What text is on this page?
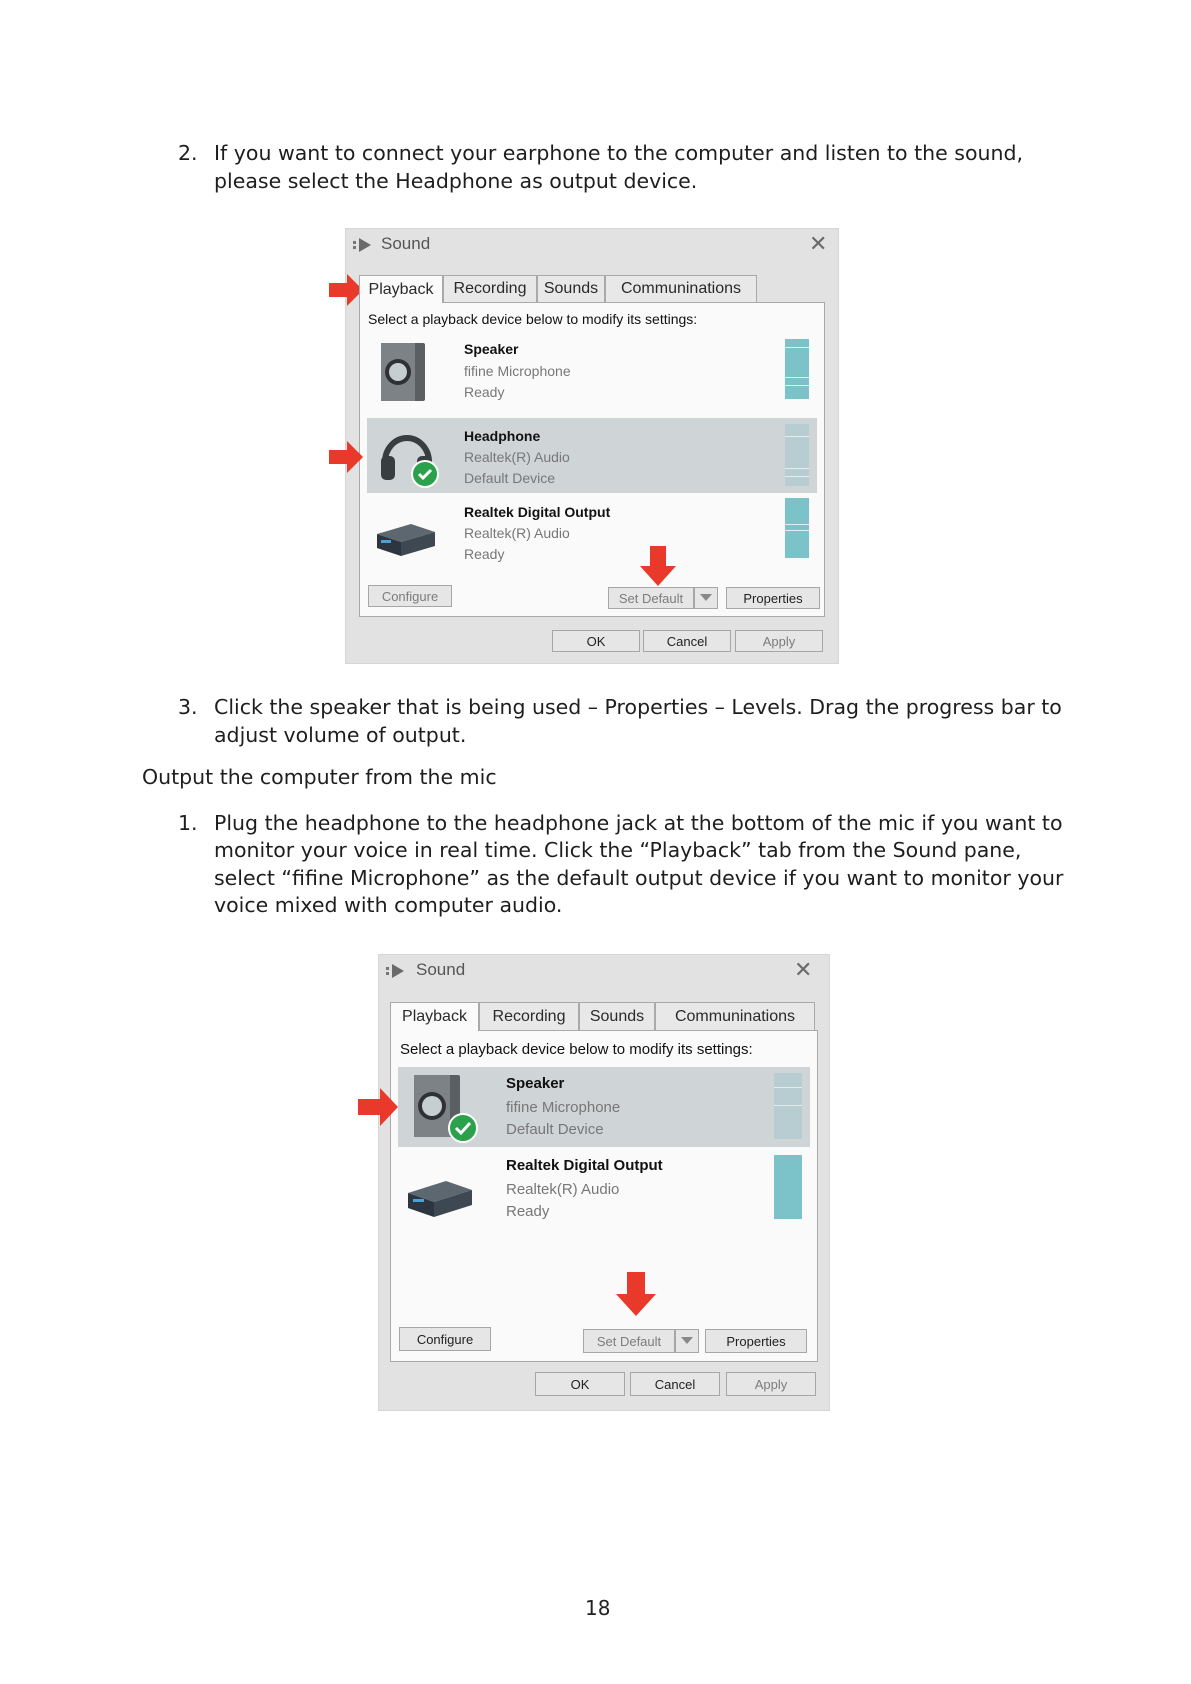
2. If you want to connect your earphone to the computer and listen to the sound,
please select the Headphone as output device.
Sound	✕
Playback	Recording	Sounds	Communinations
Select a playback device below to modify its settings:
Speaker
fifine Microphone
Ready
Headphone
Realtek(R) Audio
Default Device
Realtek Digital Output
Realtek(R) Audio
Ready
Configure	Set Default	Properties
OK	Cancel	Apply
3. Click the speaker that is being used – Properties – Levels. Drag the progress bar to
adjust volume of output.
Output the computer from the mic
1. Plug the headphone to the headphone jack at the bottom of the mic if you want to
monitor your voice in real time. Click the “Playback” tab from the Sound pane,
select “fifine Microphone” as the default output device if you want to monitor your
voice mixed with computer audio.
Sound	✕
Playback	Recording	Sounds	Communinations
Select a playback device below to modify its settings:
Speaker
fifine Microphone
Default Device
Realtek Digital Output
Realtek(R) Audio
Ready
Configure	Set Default	Properties
OK	Cancel	Apply
18
